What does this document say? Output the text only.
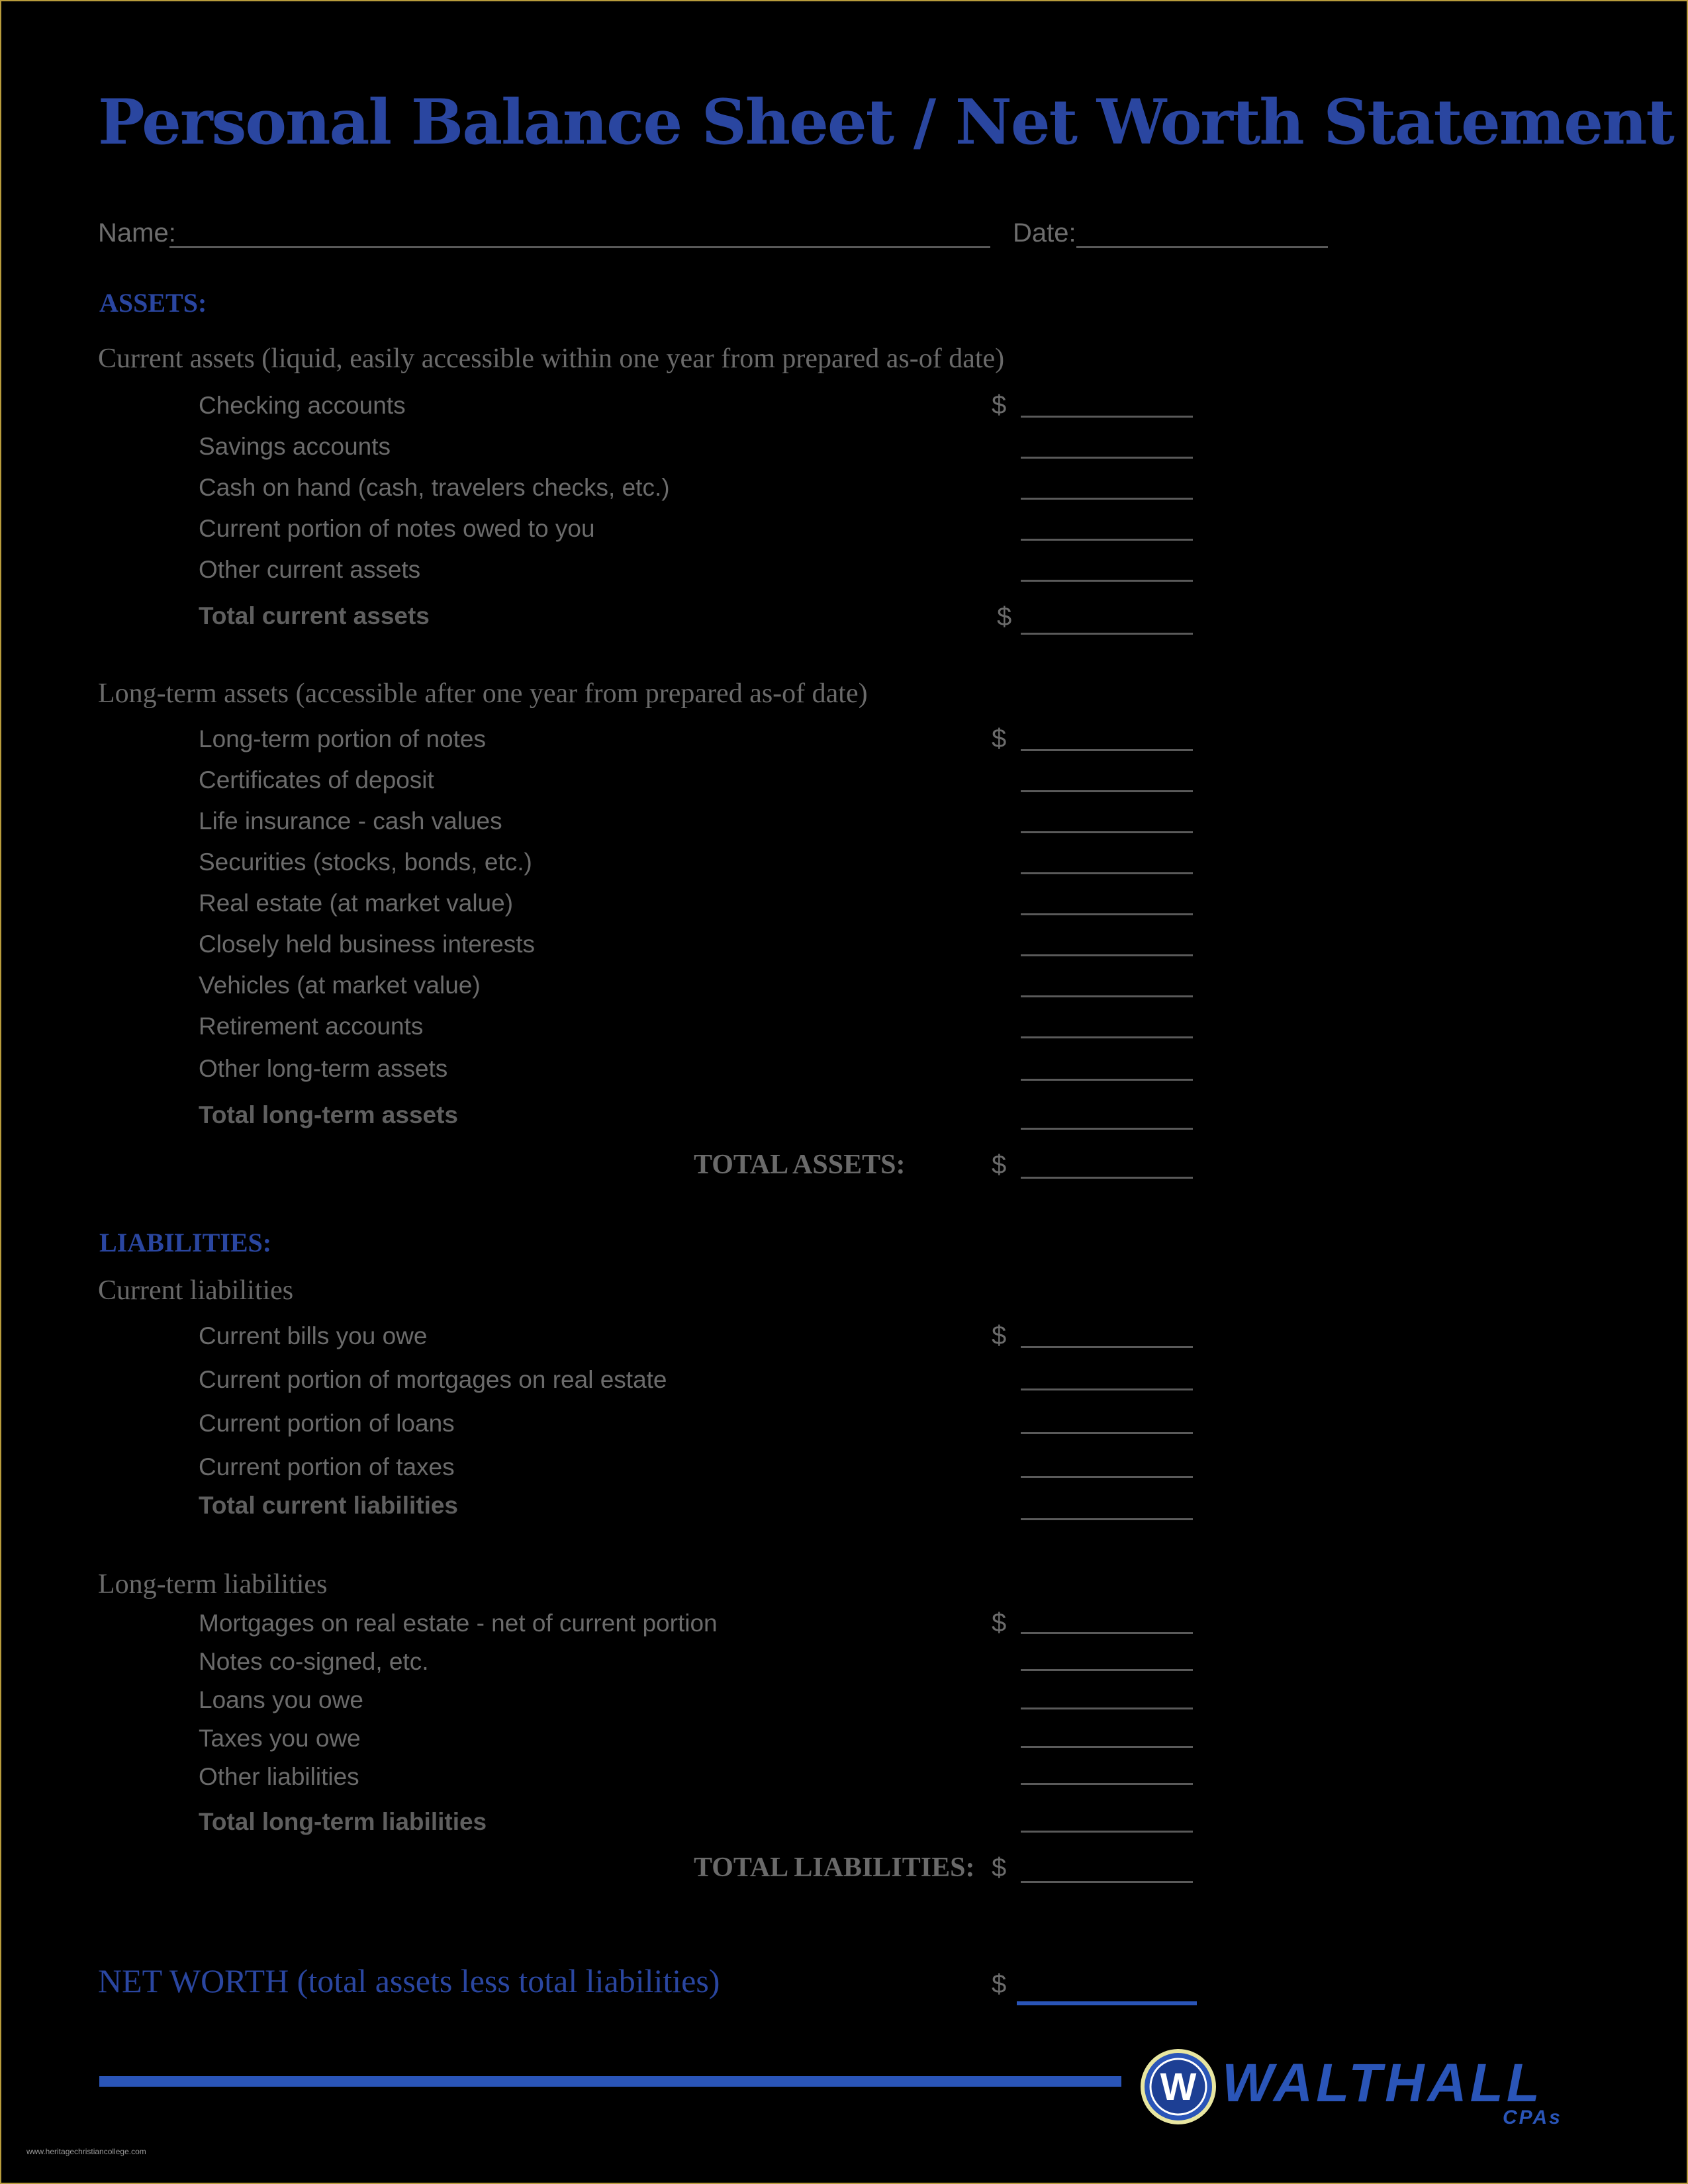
Personal Balance Sheet / Net Worth Statement
Name:	Date:
ASSETS:
Current assets (liquid, easily accessible within one year from prepared as-of date)
Checking accounts	$
Savings accounts
Cash on hand (cash, travelers checks, etc.)
Current portion of notes owed to you
Other current assets
Total current assets	$
Long-term assets (accessible after one year from prepared as-of date)
Long-term portion of notes	$
Certificates of deposit
Life insurance - cash values
Securities (stocks, bonds, etc.)
Real estate (at market value)
Closely held business interests
Vehicles (at market value)
Retirement accounts
Other long-term assets
Total long-term assets
TOTAL ASSETS:	$
LIABILITIES:
Current liabilities
Current bills you owe	$
Current portion of mortgages on real estate
Current portion of loans
Current portion of taxes
Total current liabilities
Long-term liabilities
Mortgages on real estate - net of current portion	$
Notes co-signed, etc.
Loans you owe
Taxes you owe
Other liabilities
Total long-term liabilities
TOTAL LIABILITIES: $
NET WORTH (total assets less total liabilities)	$
W WALTHALL
CPAs
www.heritagechristiancollege.com
